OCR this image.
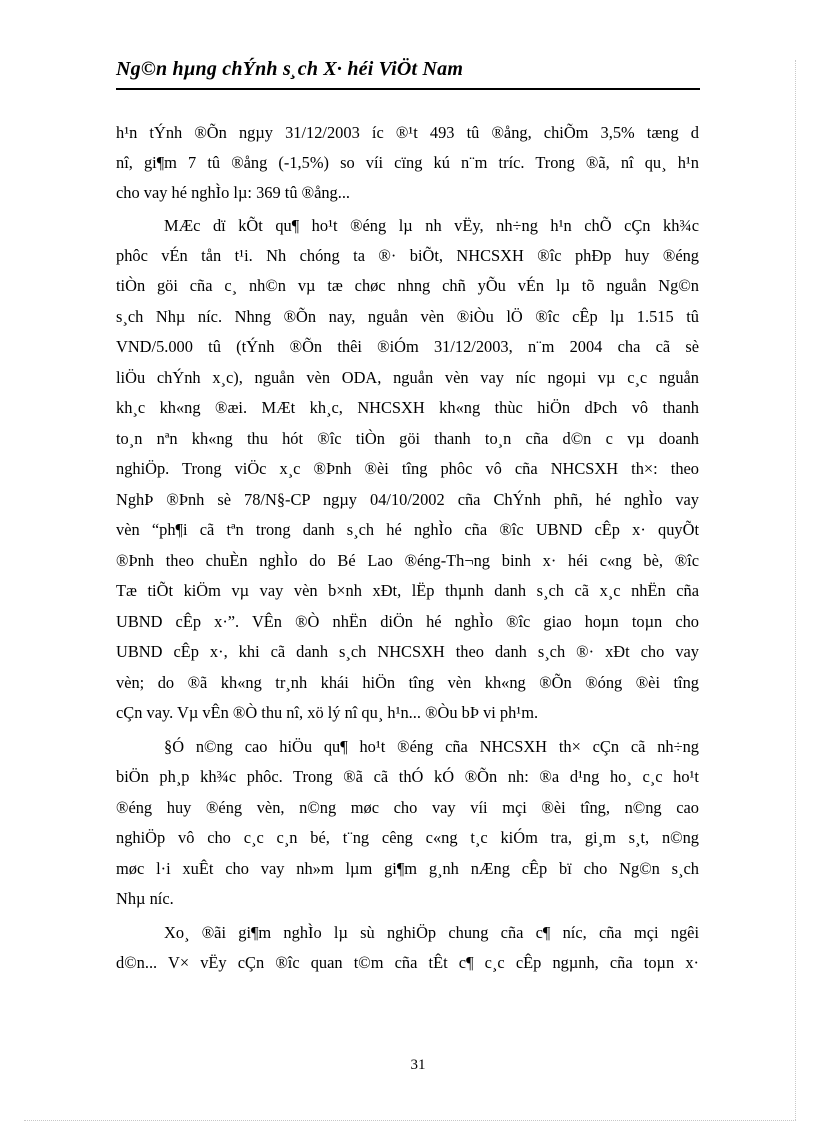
Ng©n hµng chÝnh s¸ch X· héi ViÖt Nam
h¹n tÝnh ®Õn ngµy 31/12/2003 íc ®¹t 493 tû ®ång, chiÕm 3,5% tæng d
nî, gi¶m 7 tû ®ång (-1,5%) so víi cïng kú n¨m tríc. Trong ®ã, nî qu¸ h¹n
cho vay hé nghÌo lµ: 369 tû ®ång...
MÆc dï kÕt qu¶ ho¹t ®éng lµ nh vËy, nh÷ng h¹n chÕ cÇn kh¾c
phôc vÉn tån t¹i. Nh chóng ta ®· biÕt, NHCSXH ®îc phÐp huy ®éng
tiÒn göi cña c¸ nh©n vµ tæ chøc nhng chñ yÕu vÉn lµ tõ nguån Ng©n
s¸ch Nhµ níc. Nhng ®Õn nay, nguån vèn ®iÒu lÖ ®îc cÊp lµ 1.515 tû
VND/5.000 tû (tÝnh ®Õn thêi ®iÓm 31/12/2003, n¨m 2004 cha cã sè
liÖu chÝnh x¸c), nguån vèn ODA, nguån vèn vay níc ngoµi vµ c¸c nguån
kh¸c kh«ng ®æi. MÆt kh¸c, NHCSXH kh«ng thùc hiÖn dÞch vô thanh
to¸n nªn kh«ng thu hót ®îc tiÒn göi thanh to¸n cña d©n c vµ doanh
nghiÖp. Trong viÖc x¸c ®Þnh ®èi tîng phôc vô cña NHCSXH th×: theo
NghÞ ®Þnh sè 78/N§-CP ngµy 04/10/2002 cña ChÝnh phñ, hé nghÌo vay
vèn “ph¶i cã tªn trong danh s¸ch hé nghÌo cña ®îc UBND cÊp x· quyÕt
®Þnh theo chuÈn nghÌo do Bé Lao ®éng-Th¬ng binh x· héi c«ng bè, ®îc
Tæ tiÕt kiÖm vµ vay vèn b×nh xÐt, lËp thµnh danh s¸ch cã x¸c nhËn cña
UBND cÊp x·”. VÊn ®Ò nhËn diÖn hé nghÌo ®îc giao hoµn toµn cho
UBND cÊp x·, khi cã danh s¸ch NHCSXH theo danh s¸ch ®· xÐt cho vay
vèn; do ®ã kh«ng tr¸nh khái hiÖn tîng vèn kh«ng ®Õn ®óng ®èi tîng
cÇn vay. Vµ vÊn ®Ò thu nî, xö lý nî qu¸ h¹n... ®Òu bÞ vi ph¹m.
§Ó n©ng cao hiÖu qu¶ ho¹t ®éng cña NHCSXH th× cÇn cã nh÷ng
biÖn ph¸p kh¾c phôc. Trong ®ã cã thÓ kÓ ®Õn nh: ®a d¹ng ho¸ c¸c ho¹t
®éng huy ®éng vèn, n©ng møc cho vay víi mçi ®èi tîng, n©ng cao
nghiÖp vô cho c¸c c¸n bé, t¨ng cêng c«ng t¸c kiÓm tra, gi¸m s¸t, n©ng
møc l·i xuÊt cho vay nh»m lµm gi¶m g¸nh nÆng cÊp bï cho Ng©n s¸ch
Nhµ níc.
Xo¸ ®ãi gi¶m nghÌo lµ sù nghiÖp chung cña c¶ níc, cña mçi ngêi
d©n... V× vËy cÇn ®îc quan t©m cña tÊt c¶ c¸c cÊp ngµnh, cña toµn x·
31
